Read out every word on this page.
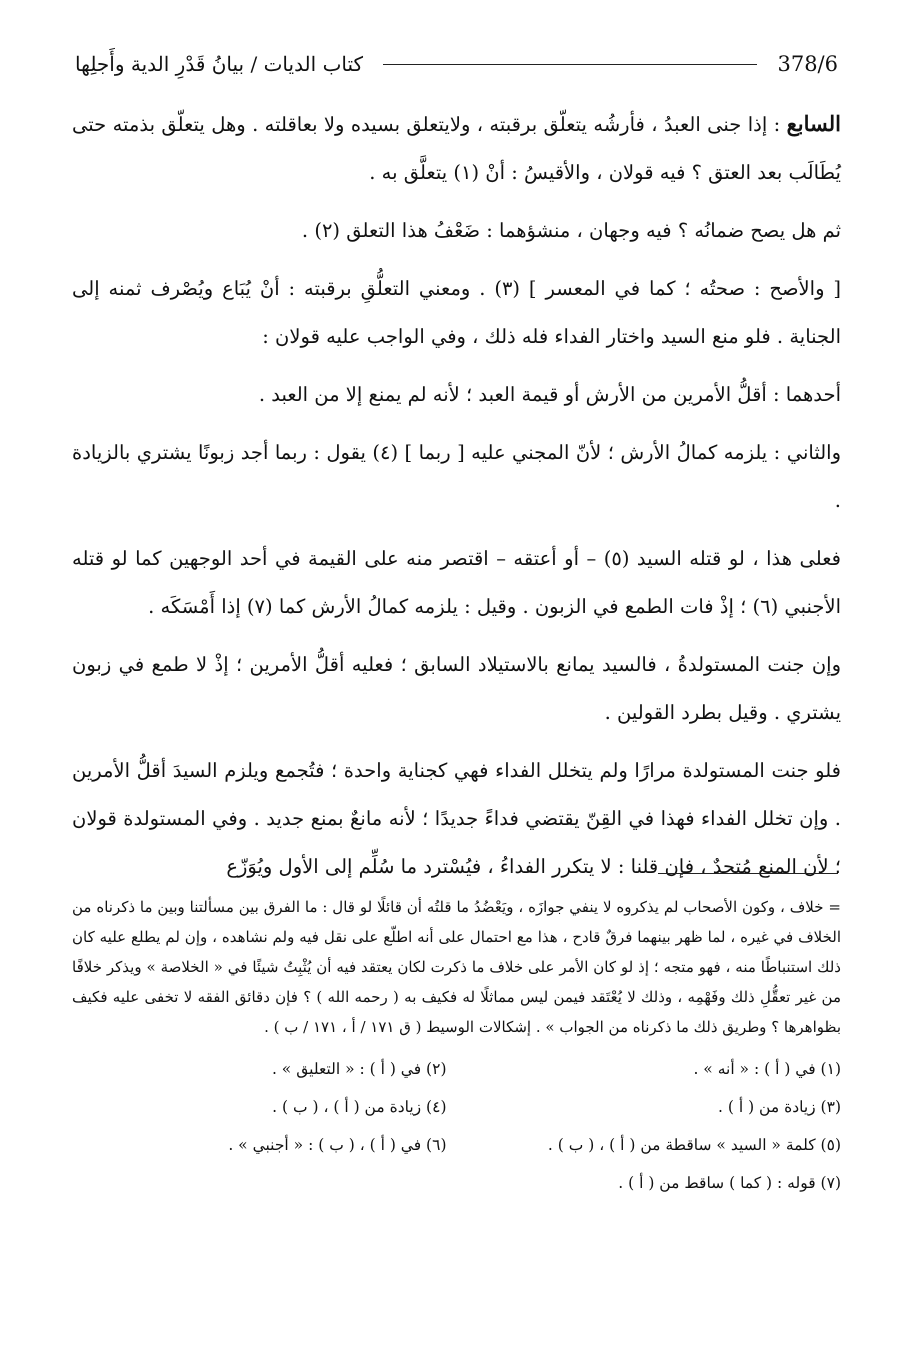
378/6
كتاب الديات / بيانُ قَدْرِ الدية وأَجلِها

السابع : إذا جنى العبدُ ، فأرشُه يتعلّق برقبته ، ولايتعلق بسيده ولا بعاقلته . وهل يتعلّق بذمته حتى يُطَالَب بعد العتق ؟ فيه قولان ، والأقيسُ : أنْ (١) يتعلَّق به .

ثم هل يصح ضمانُه ؟ فيه وجهان ، منشؤهما : ضَعْفُ هذا التعلق (٢) .

[ والأصح : صحتُه ؛ كما في المعسر ] (٣) . ومعني التعلُّقِ برقبته : أنْ يُبَاع ويُصْرف ثمنه إلى الجناية . فلو منع السيد واختار الفداء فله ذلك ، وفي الواجب عليه قولان :

أحدهما : أقلُّ الأمرين من الأرش أو قيمة العبد ؛ لأنه لم يمنع إلا من العبد .

والثاني : يلزمه كمالُ الأرش ؛ لأنّ المجني عليه [ ربما ] (٤) يقول : ربما أجد زبونًا يشتري بالزيادة .

فعلى هذا ، لو قتله السيد (٥) – أو أعتقه – اقتصر منه على القيمة في أحد الوجهين كما لو قتله الأجنبي (٦) ؛ إذْ فات الطمع في الزبون . وقيل : يلزمه كمالُ الأرش كما (٧) إذا أَمْسَكَه .

وإن جنت المستولدةُ ، فالسيد يمانع بالاستيلاد السابق ؛ فعليه أقلُّ الأمرين ؛ إذْ لا طمع في زبون يشتري . وقيل بطرد القولين .

فلو جنت المستولدة مرارًا ولم يتخلل الفداء فهي كجناية واحدة ؛ فتُجمع ويلزم السيدَ أقلُّ الأمرين . وإن تخلل الفداء فهذا في القِنّ يقتضي فداءً جديدًا ؛ لأنه مانعٌ بمنع جديد . وفي المستولدة قولان ؛ لأن المنع مُتحدٌ ، فإن قلنا : لا يتكرر الفداءُ ، فيُسْترد ما سُلِّم إلى الأول ويُوَزّع

= خلاف ، وكون الأصحاب لم يذكروه لا ينفي جوازَه ، ويَعْضُدُ ما قلتُه أن قائلًا لو قال : ما الفرق بين مسألتنا وبين ما ذكرناه من الخلاف في غيره ، لما ظهر بينهما فرقٌ قادح ، هذا مع احتمال على أنه اطلّع على نقل فيه ولم نشاهده ، وإن لم يطلع عليه كان ذلك استنباطًا منه ، فهو متجه ؛ إذ لو كان الأمر على خلاف ما ذكرت لكان يعتقد فيه أن يُثْبِتُ شيئًا في « الخلاصة » ويذكر خلافًا من غير تعقُّلِ ذلك وفَهْمِه ، وذلك لا يُعْتَقد فيمن ليس مماثلًا له فكيف به ( رحمه الله ) ؟ فإن دقائق الفقه لا تخفى عليه فكيف بظواهرها ؟ وطريق ذلك ما ذكرناه من الجواب » . إشكالات الوسيط ( ق ١٧١ / أ ، ١٧١ / ب ) .

(١) في ( أ ) : « أنه » .
(٢) في ( أ ) : « التعليق » .
(٣) زيادة من ( أ ) .
(٤) زيادة من ( أ ) ، ( ب ) .
(٥) كلمة « السيد » ساقطة من ( أ ) ، ( ب ) .
(٦) في ( أ ) ، ( ب ) : « أجنبي » .
(٧) قوله : ( كما ) ساقط من ( أ ) .
